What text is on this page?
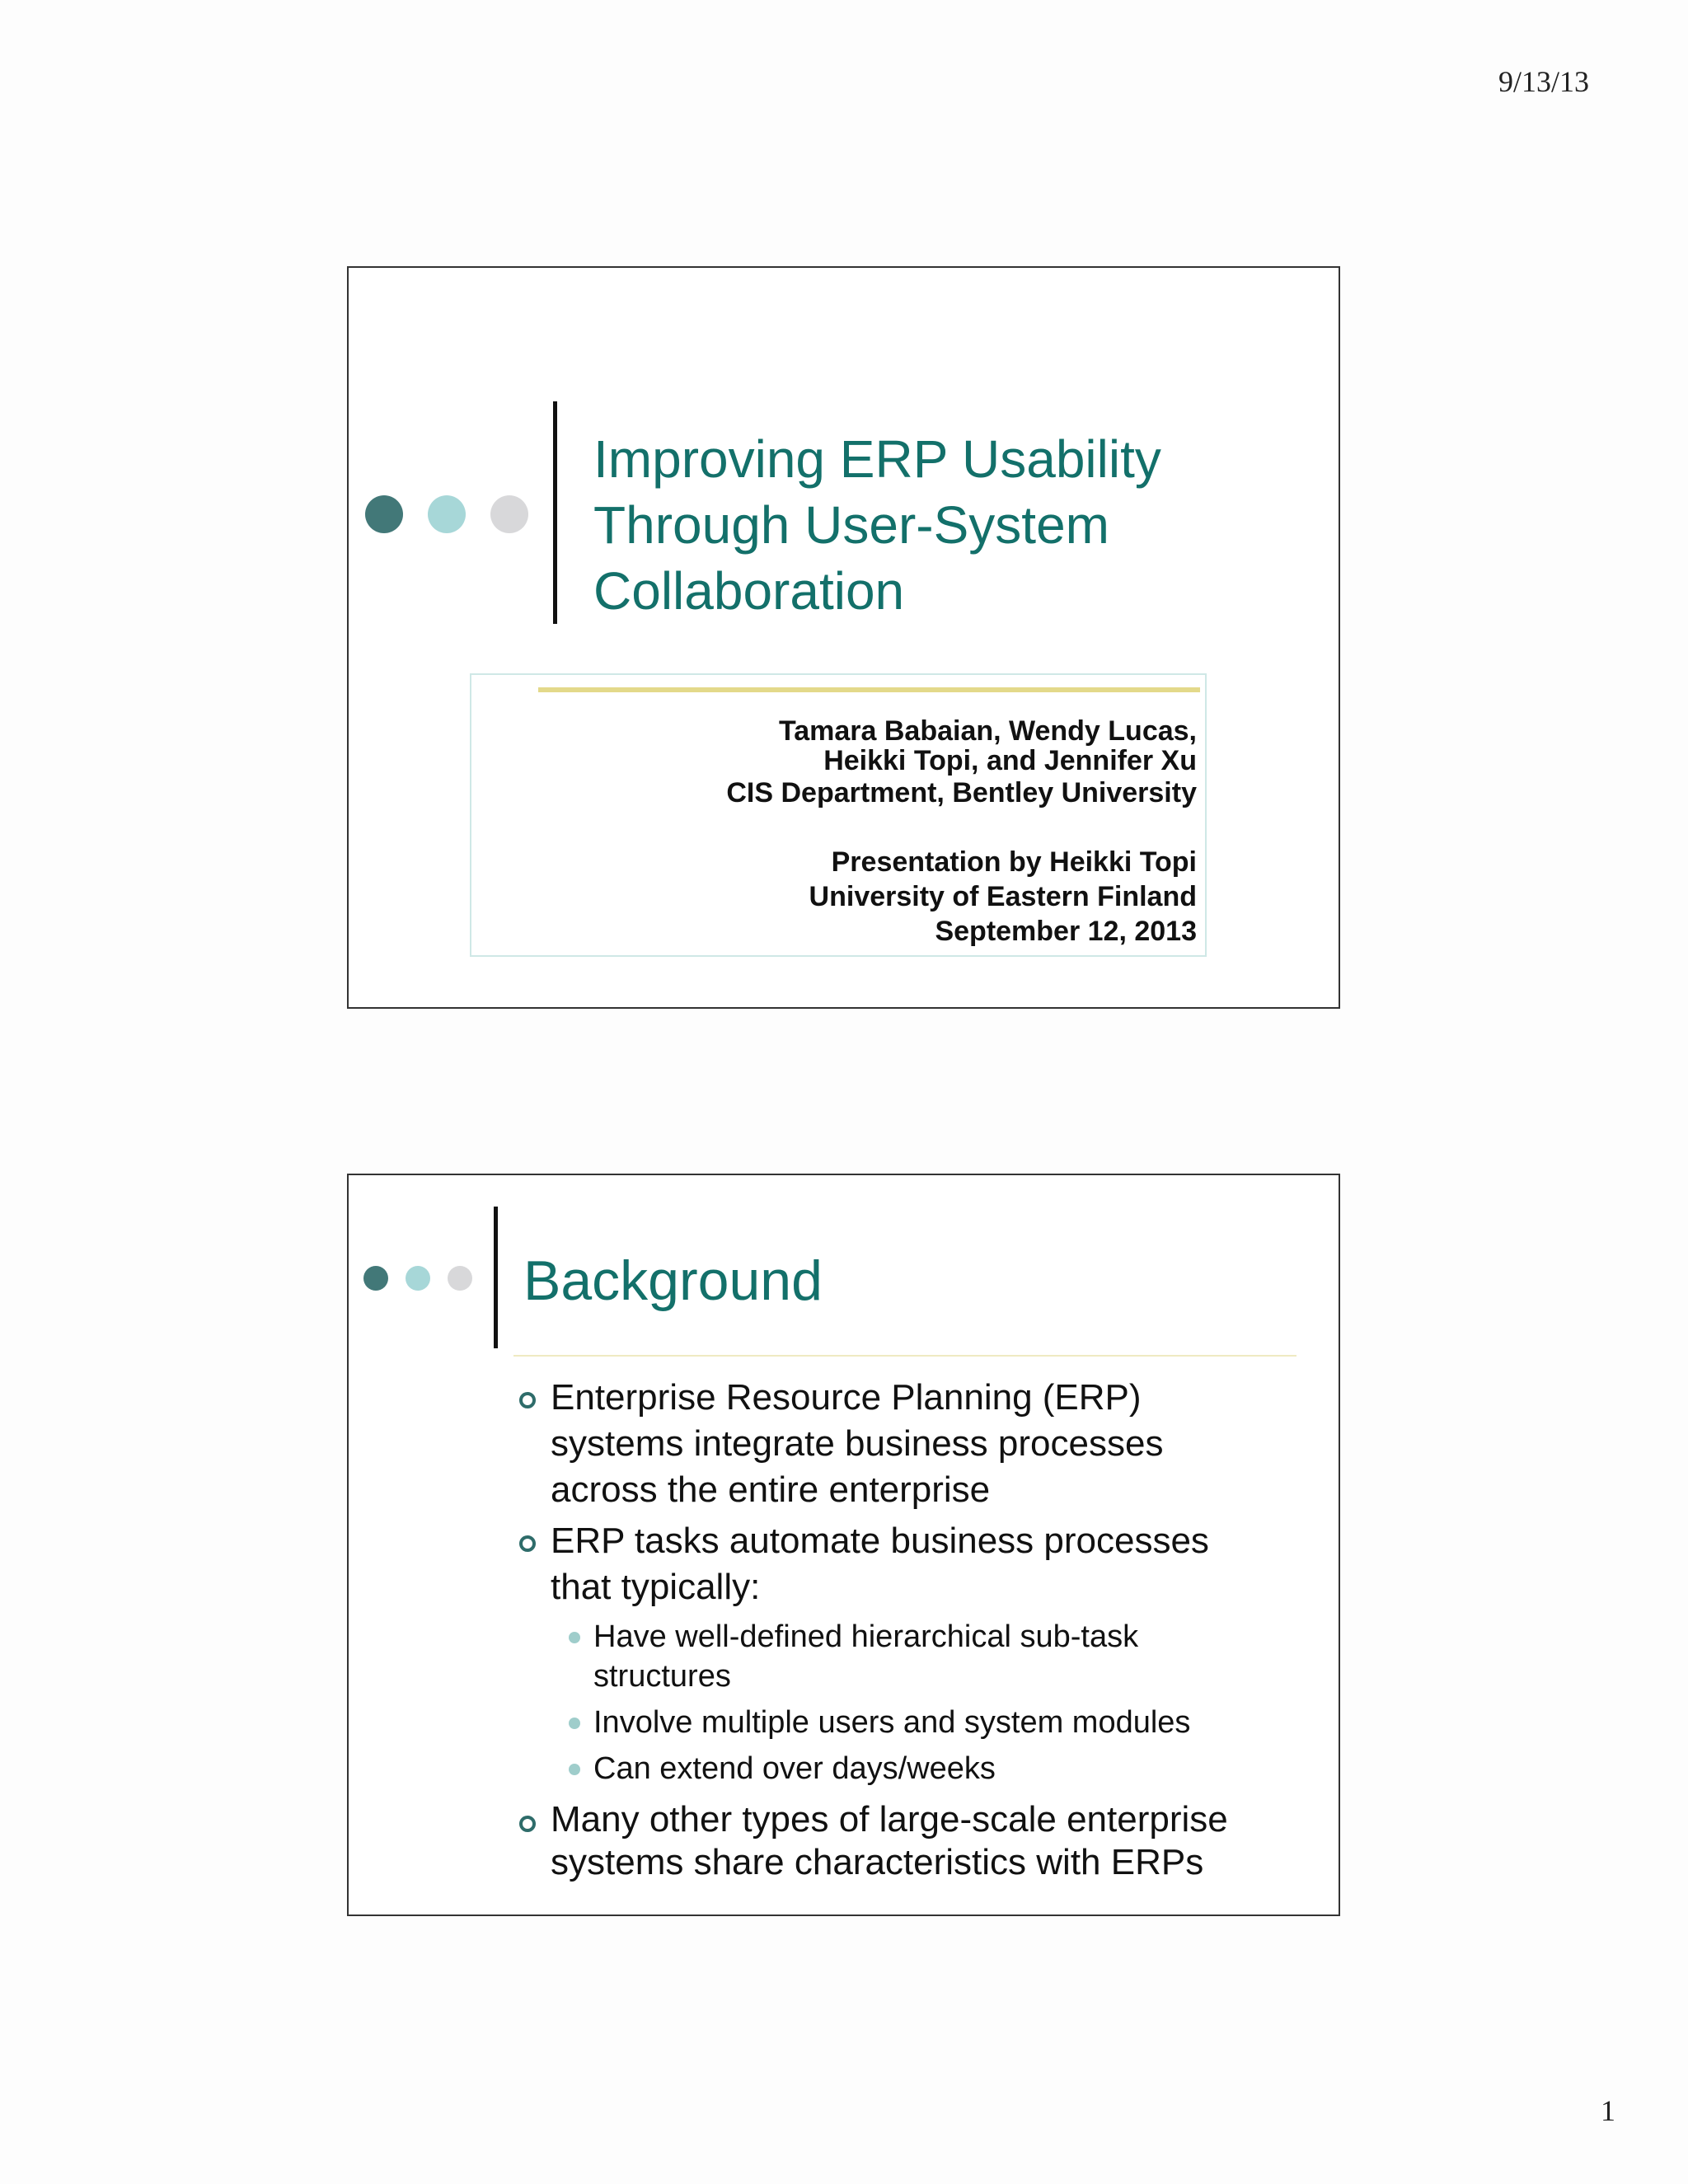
9/13/13
Improving ERP Usability
Through User-System
Collaboration
Tamara Babaian, Wendy Lucas,
Heikki Topi, and Jennifer Xu
CIS Department, Bentley University
Presentation by Heikki Topi
University of Eastern Finland
September 12, 2013
Background
Enterprise Resource Planning (ERP)
systems integrate business processes
across the entire enterprise
ERP tasks automate business processes
that typically:
Have well-defined hierarchical sub-task
structures
Involve multiple users and system modules
Can extend over days/weeks
Many other types of large-scale enterprise
systems share characteristics with ERPs
1
